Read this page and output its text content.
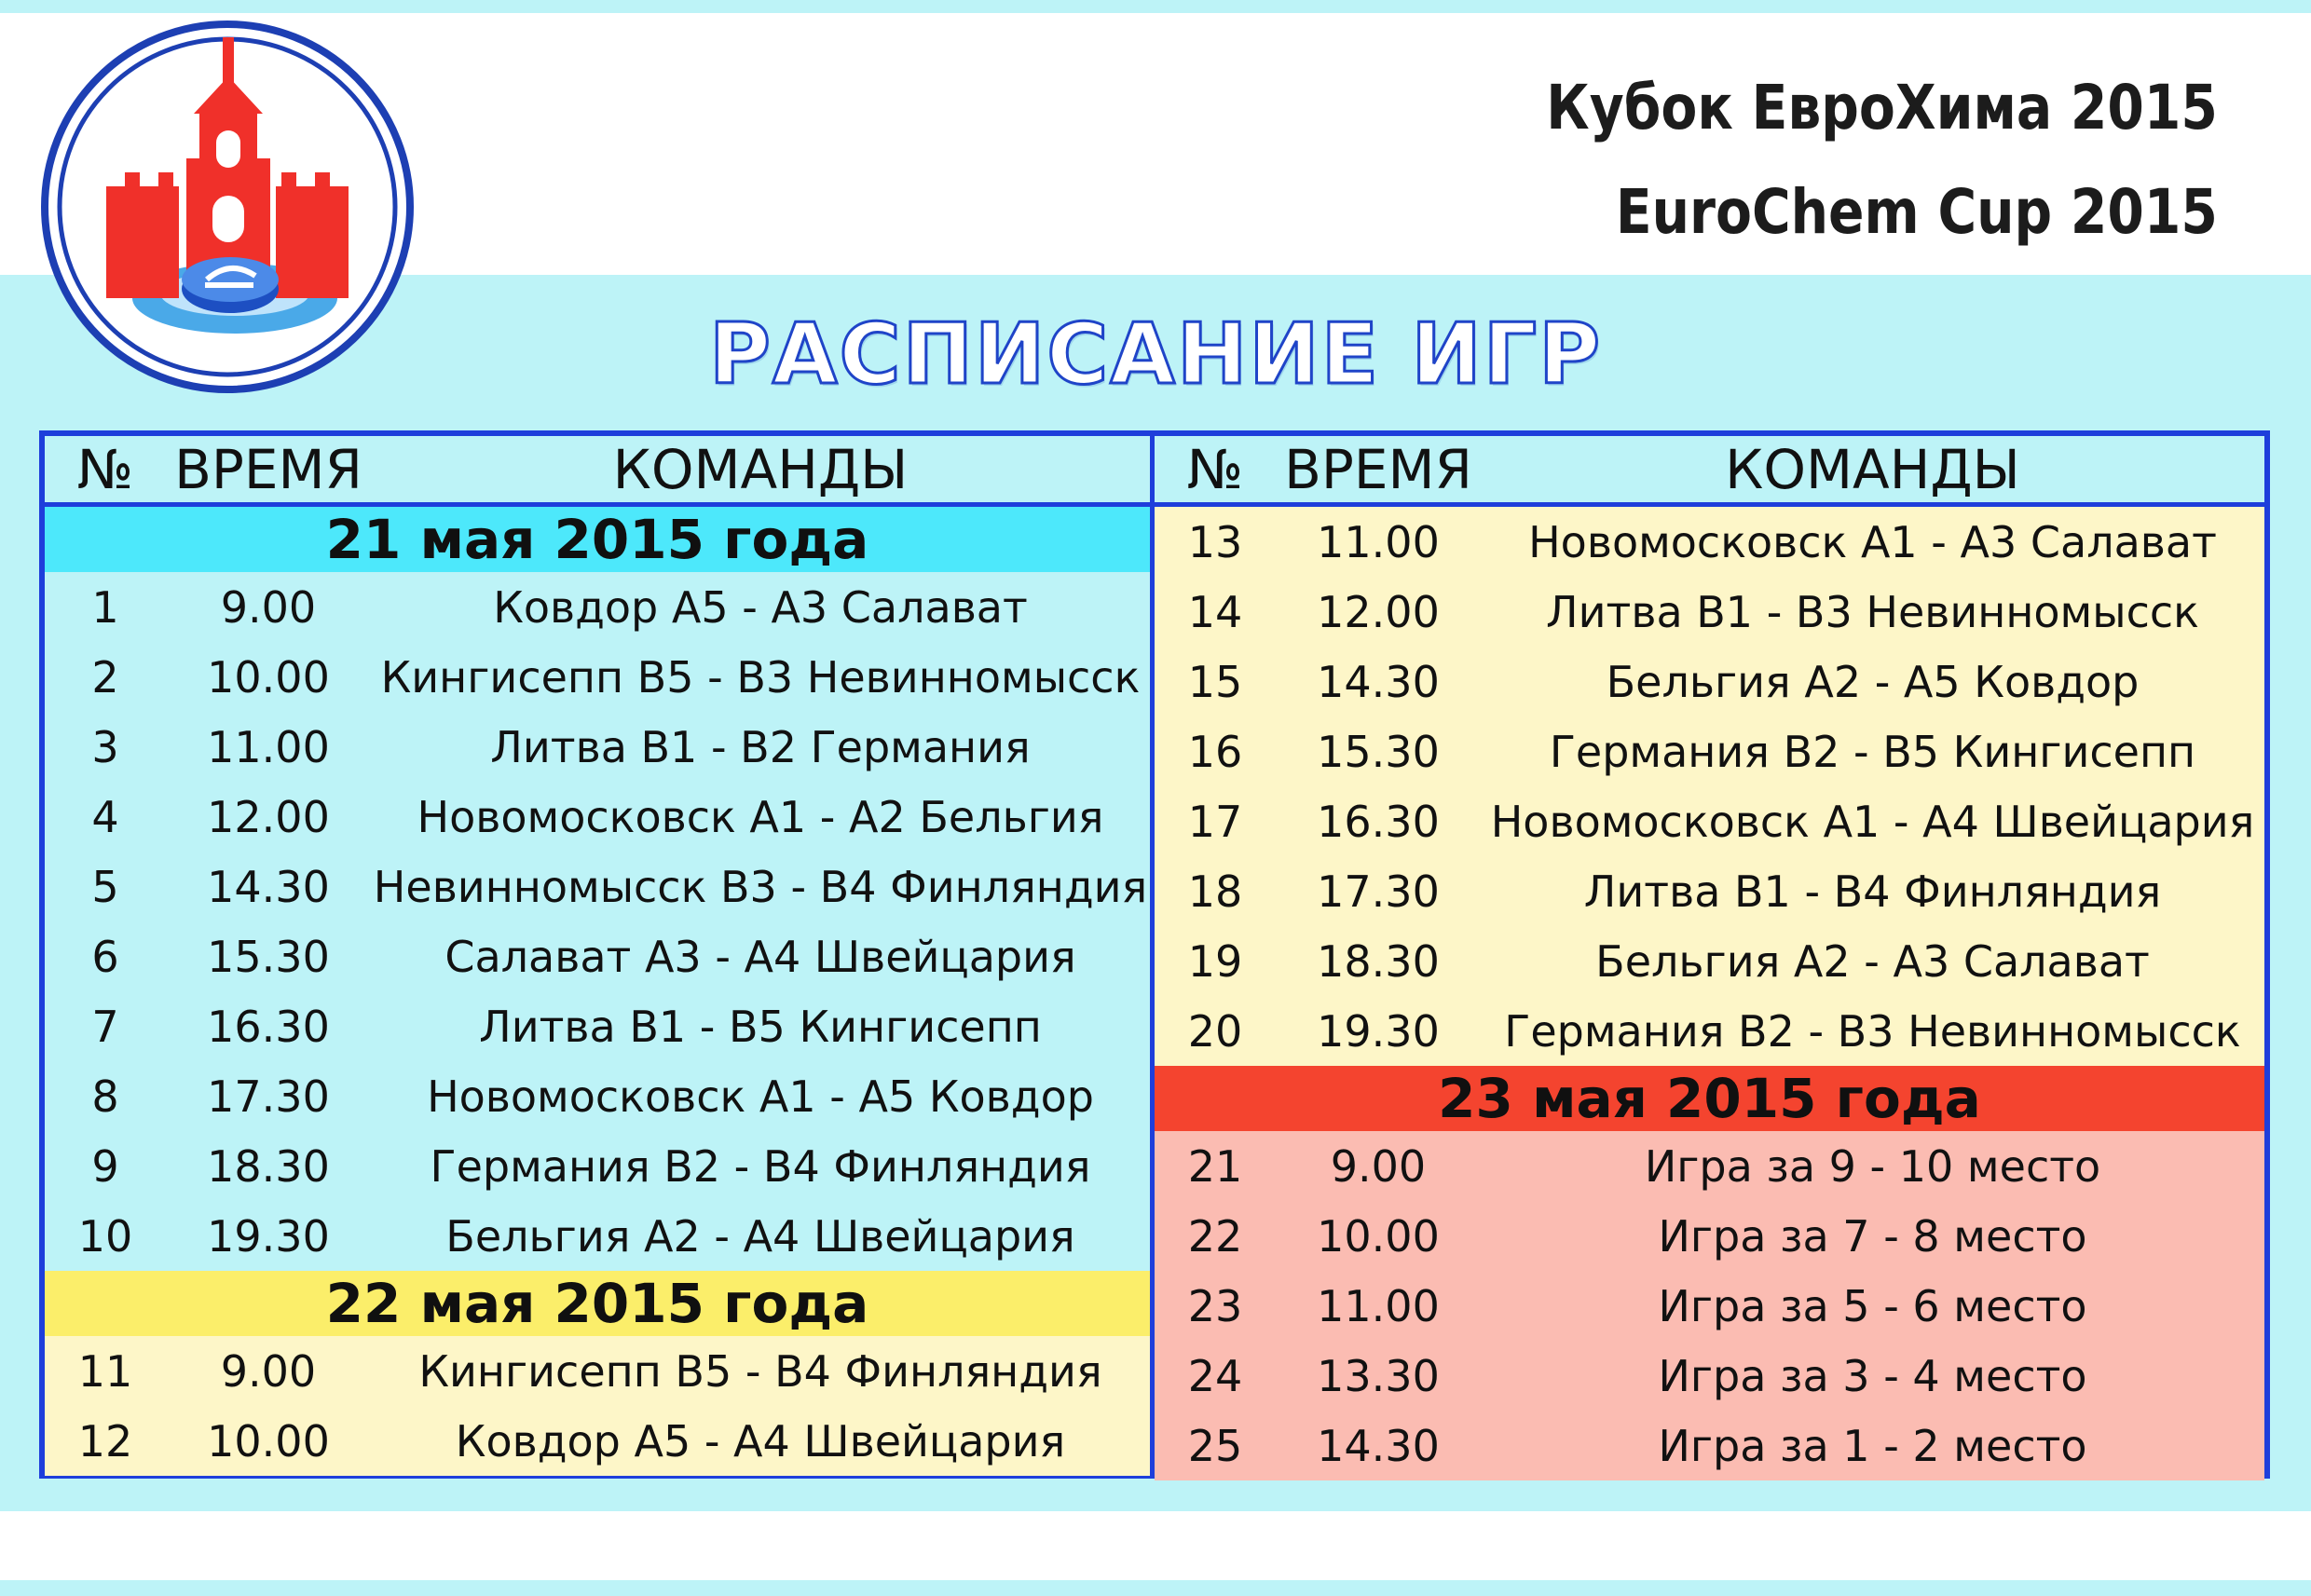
Кубок ЕвроХима 2015
EuroChem Cup 2015
РАСПИСАНИЕ ИГР
№ ВРЕМЯ	КОМАНДЫ
21 мая 2015 года
1	9.00	Ковдор А5 - А3 Салават
2	10.00	Кингисепп В5 - В3 Невинномысск
3	11.00	Литва В1 - В2 Германия
4	12.00	Новомосковск А1 - А2 Бельгия
5	14.30	Невинномысск В3 - В4 Финляндия
6	15.30	Салават А3 - А4 Швейцария
7	16.30	Литва В1 - В5 Кингисепп
8	17.30	Новомосковск А1 - А5 Ковдор
9	18.30	Германия В2 - В4 Финляндия
10	19.30	Бельгия А2 - А4 Швейцария
22 мая 2015 года
11	9.00	Кингисепп В5 - В4 Финляндия
12	10.00	Ковдор А5 - А4 Швейцария
№ ВРЕМЯ	КОМАНДЫ
13	11.00	Новомосковск А1 - А3 Салават
14	12.00	Литва В1 - В3 Невинномысск
15	14.30	Бельгия А2 - А5 Ковдор
16	15.30	Германия В2 - В5 Кингисепп
17	16.30	Новомосковск А1 - А4 Швейцария
18	17.30	Литва В1 - В4 Финляндия
19	18.30	Бельгия А2 - А3 Салават
20	19.30	Германия В2 - В3 Невинномысск
23 мая 2015 года
21	9.00	Игра за 9 - 10 место
22	10.00	Игра за 7 - 8 место
23	11.00	Игра за 5 - 6 место
24	13.30	Игра за 3 - 4 место
25	14.30	Игра за 1 - 2 место
